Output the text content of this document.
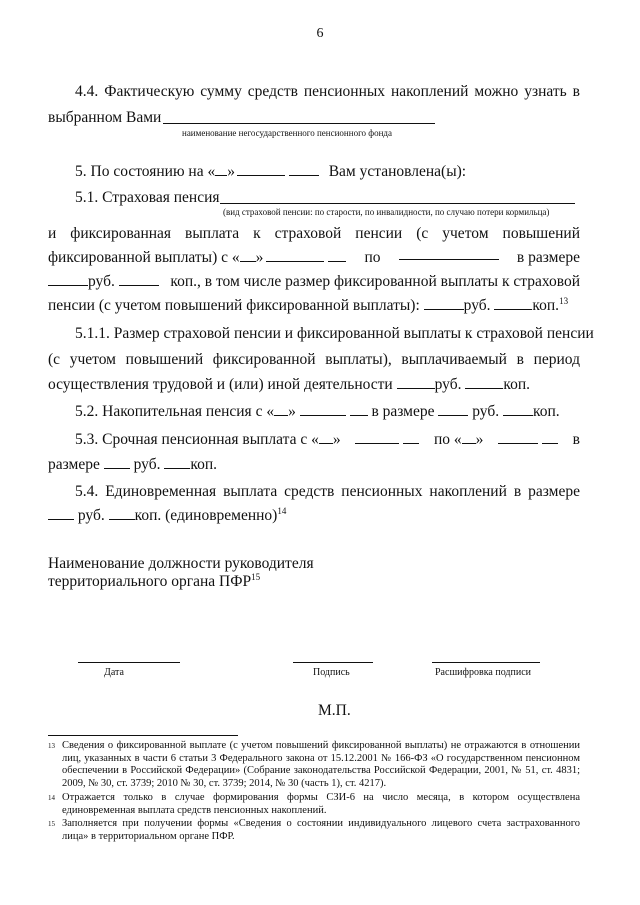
6
4.4. Фактическую сумму средств пенсионных накоплений можно узнать в
выбранном Вами
наименование негосударственного пенсионного фонда
5. По состоянию на « »	Вам установлена(ы):
5.1. Страховая пенсия
(вид страховой пенсии: по старости, по инвалидности, по случаю потери кормильца)
и фиксированная выплата к страховой пенсии (с учетом повышений
фиксированной выплаты) с « »	по	в размере
руб.	коп., в том числе размер фиксированной выплаты к страховой
пенсии (с учетом повышений фиксированной выплаты):	руб.	коп.$^{13}$
5.1.1. Размер страховой пенсии и фиксированной выплаты к страховой пенсии
(с учетом повышений фиксированной выплаты), выплачиваемый в период
осуществления трудовой и (или) иной деятельности	руб.	коп.
5.2. Накопительная пенсия с « »	в размере руб. коп.
5.3. Срочная пенсионная выплата с « »
	по « »
	в
размере руб. коп.
5.4. Единовременная выплата средств пенсионных накоплений в размере
руб. коп. (единовременно)$^{14}$
Наименование должности руководителя
территориального органа ПФР$^{15}$
Дата	Подпись	Расшифровка подписи
М.П.
13 Сведения о фиксированной выплате (с учетом повышений фиксированной выплаты) не отражаются в отношении лиц, указанных в части 6 статьи 3 Федерального закона от 15.12.2001 № 166-ФЗ «О государственном пенсионном обеспечении в Российской Федерации» (Собрание законодательства Российской Федерации, 2001, № 51, ст. 4831; 2009, № 30, ст. 3739; 2010 № 30, ст. 3739; 2014, № 30 (часть 1), ст. 4217).
14 Отражается только в случае формирования формы СЗИ-6 на число месяца, в котором осуществлена единовременная выплата средств пенсионных накоплений.
15 Заполняется при получении формы «Сведения о состоянии индивидуального лицевого счета застрахованного лица» в территориальном органе ПФР.
